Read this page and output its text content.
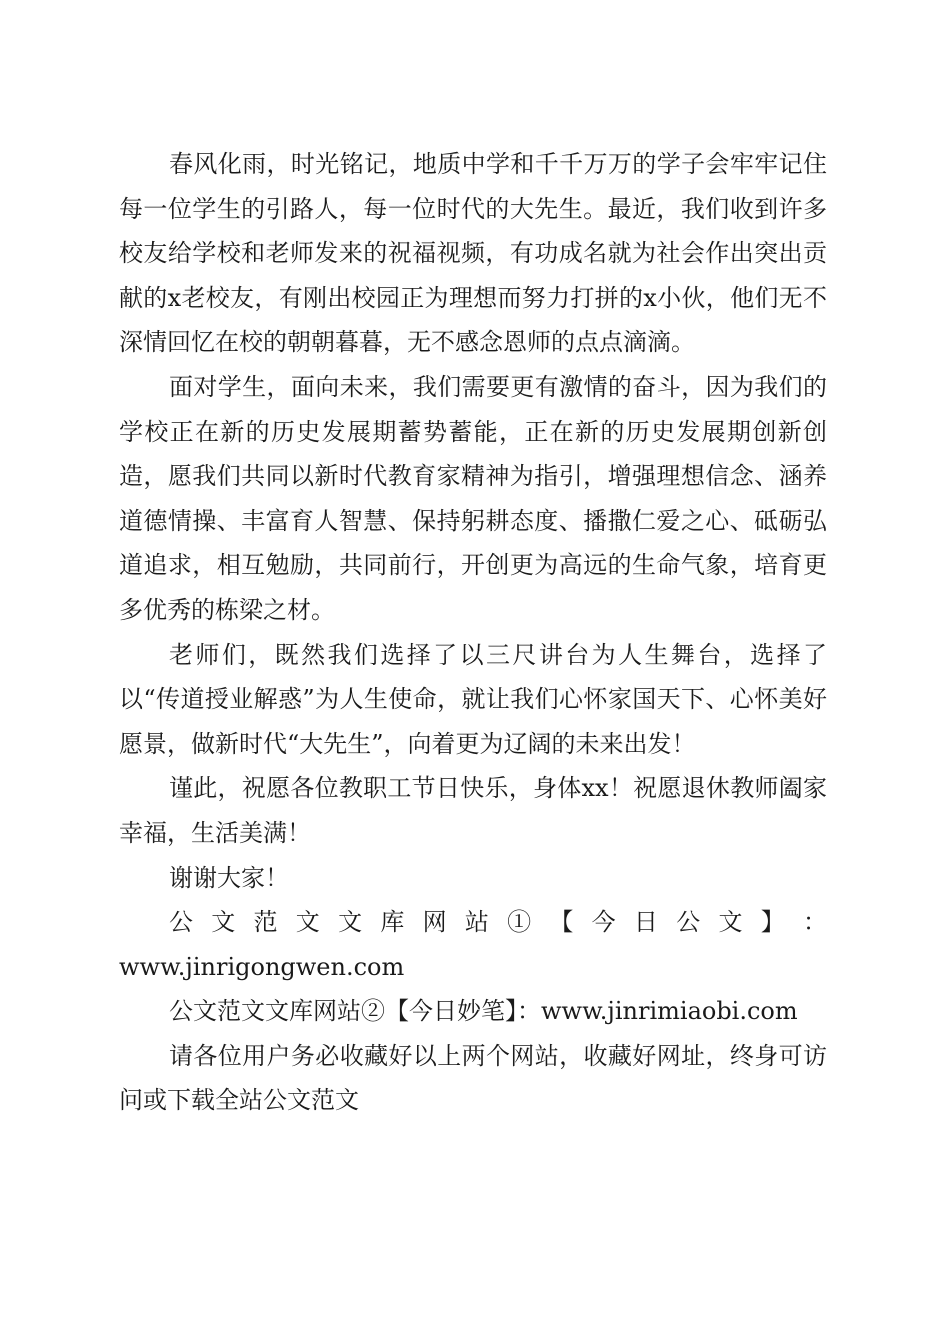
春风化雨，时光铭记，地质中学和千千万万的学子会牢牢记住每一位学生的引路人，每一位时代的大先生。最近，我们收到许多校友给学校和老师发来的祝福视频，有功成名就为社会作出突出贡献的x老校友，有刚出校园正为理想而努力打拼的x小伙，他们无不深情回忆在校的朝朝暮暮，无不感念恩师的点点滴滴。

面对学生，面向未来，我们需要更有激情的奋斗，因为我们的学校正在新的历史发展期蓄势蓄能，正在新的历史发展期创新创造，愿我们共同以新时代教育家精神为指引，增强理想信念、涵养道德情操、丰富育人智慧、保持躬耕态度、播撒仁爱之心、砥砺弘道追求，相互勉励，共同前行，开创更为高远的生命气象，培育更多优秀的栋梁之材。

老师们，既然我们选择了以三尺讲台为人生舞台，选择了以“传道授业解惑”为人生使命，就让我们心怀家国天下、心怀美好愿景，做新时代“大先生”，向着更为辽阔的未来出发！

谨此，祝愿各位教职工节日快乐，身体xx！祝愿退休教师阖家幸福，生活美满！

谢谢大家！

公 文 范 文 文 库 网 站 ① 【 今 日 公 文 】 ： www.jinrigongwen.com

公文范文文库网站②【今日妙笔】：www.jinrimiaobi.com

请各位用户务必收藏好以上两个网站，收藏好网址，终身可访问或下载全站公文范文
